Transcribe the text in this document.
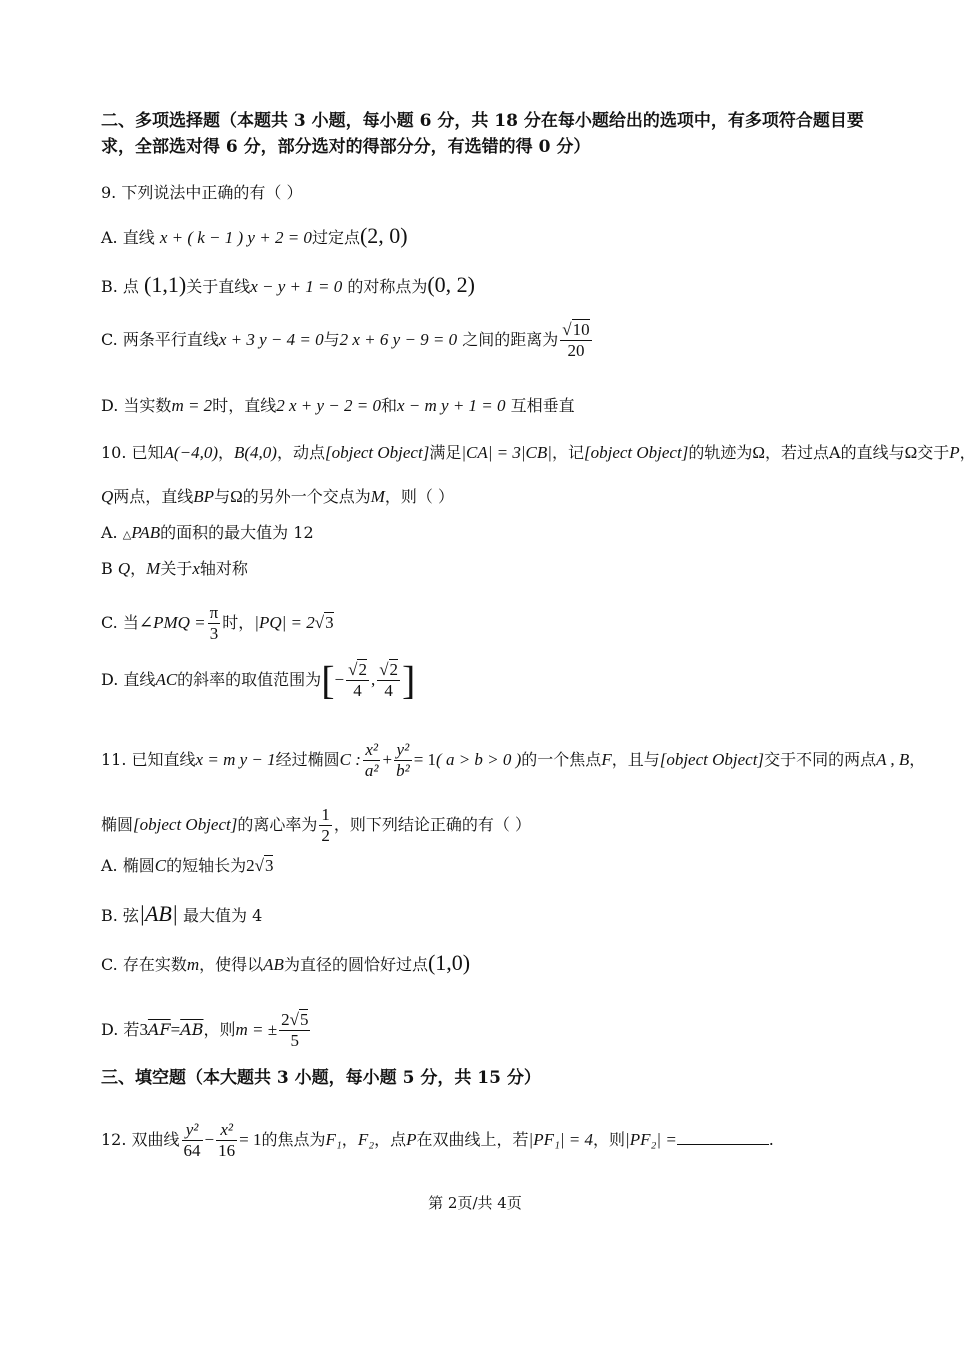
二、多项选择题（本题共 3 小题，每小题 6 分，共 18 分在每小题给出的选项中，有多项符合题目要求，全部选对得 6 分，部分选对的得部分分，有选错的得 0 分）
9. 下列说法中正确的有（ ）
A. 直线 x + ( k − 1 ) y + 2 = 0过定点(2, 0)
B. 点 (1,1)关于直线x − y + 1 = 0 的对称点为(0, 2)
C. 两条平行直线x + 3 y − 4 = 0与2 x + 6 y − 9 = 0 之间的距离为 $\frac{√10}{20}$
D. 当实数m = 2时，直线2 x + y − 2 = 0和x − m y + 1 = 0 互相垂直
10. 已知A(−4,0)，B(4,0)，动点[object Object]满足|CA| = 3|CB|，记[object Object]的轨迹为Ω，若过点A的直线与Ω交于P，
Q两点，直线BP与Ω的另外一个交点为M，则（ ）
A. △PAB的面积的最大值为 12
B Q，M关于x轴对称
C. 当∠PMQ = $\frac{\pi}{3}$ 时，|PQ| = 2√3
D. 直线AC的斜率的取值范围为[− $\frac{√2}{4}$ , $\frac{√2}{4}$ ]
11. 已知直线x = m y − 1经过椭圆C : $\frac{\text{x²}}{\text{a²}} + \frac{\text{y²}}{\text{b²}} = 1$( a > b > 0 )的一个焦点F，且与[object Object]交于不同的两点A , B，
椭圆[object Object]的离心率为 $\frac{1}{2}$ ，则下列结论正确的有（ ）
A. 椭圆C的短轴长为2√3
B. 弦|AB| 最大值为 4
C. 存在实数m，使得以AB为直径的圆恰好过点(1,0)
D. 若$3\overline{AF}=\overline{AB}$，则m = ± $\frac{2√5}{5}$
三、填空题（本大题共 3 小题，每小题 5 分，共 15 分）
12. 双曲线 $\frac{\text{y²}}{64} - \frac{\text{x²}}{16} = 1$的焦点为F₁，F₂，点P在双曲线上，若|PF₁| = 4，则|PF₂| =	.
第 2页/共 4页
